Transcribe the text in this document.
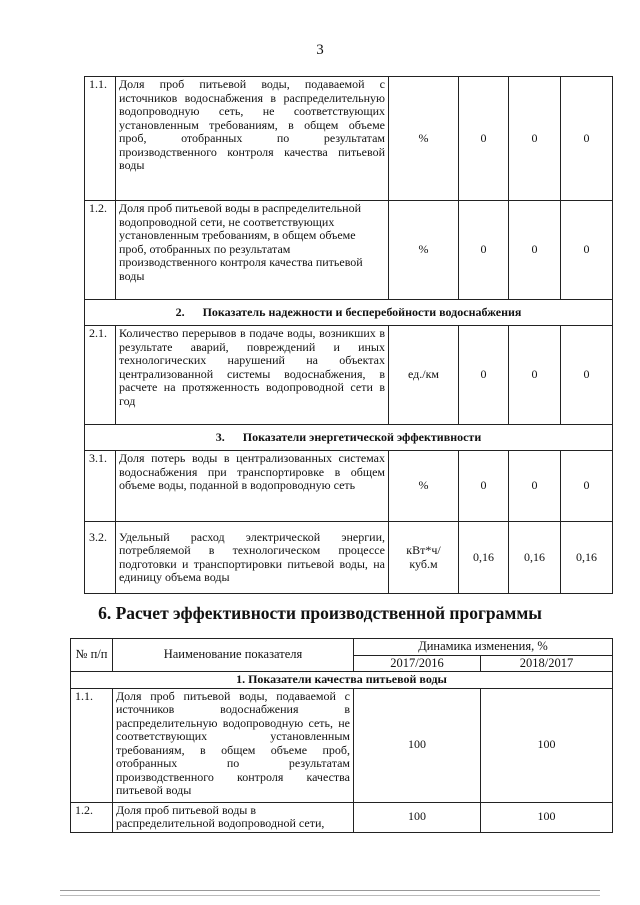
3
1.1.	Доля проб питьевой воды, подаваемой с источников водоснабжения в распределительную водопроводную сеть, не соответствующих установленным требованиям, в общем объеме проб, отобранных по результатам производственного контроля качества питьевой воды	%	0	0	0
1.2.	Доля проб питьевой воды в распределительной водопроводной сети, не соответствующих установленным требованиям, в общем объеме проб, отобранных по результатам производственного контроля качества питьевой воды	%	0	0	0
2. Показатель надежности и бесперебойности водоснабжения					
2.1.	Количество перерывов в подаче воды, возникших в результате аварий, повреждений и иных технологических нарушений на объектах централизованной системы водоснабжения, в расчете на протяженность водопроводной сети в год	ед./км	0	0	0
3. Показатели энергетической эффективности					
3.1.	Доля потерь воды в централизованных системах водоснабжения при транспортировке в общем объеме воды, поданной в водопроводную сеть	%	0	0	0
3.2.	Удельный расход электрической энергии, потребляемой в технологическом процессе подготовки и транспортировки питьевой воды, на единицу объема воды	кВт*ч/ куб.м	0,16	0,16	0,16
6. Расчет эффективности производственной программы
№ п/п	Наименование показателя	Динамика изменения, %	
		2017/2016	2018/2017
1. Показатели качества питьевой воды			
1.1.	Доля проб питьевой воды, подаваемой с источников водоснабжения в распределительную водопроводную сеть, не соответствующих установленным требованиям, в общем объеме проб, отобранных по результатам производственного контроля качества питьевой воды	100	100
1.2.	Доля проб питьевой воды в распределительной водопроводной сети,	100	100
